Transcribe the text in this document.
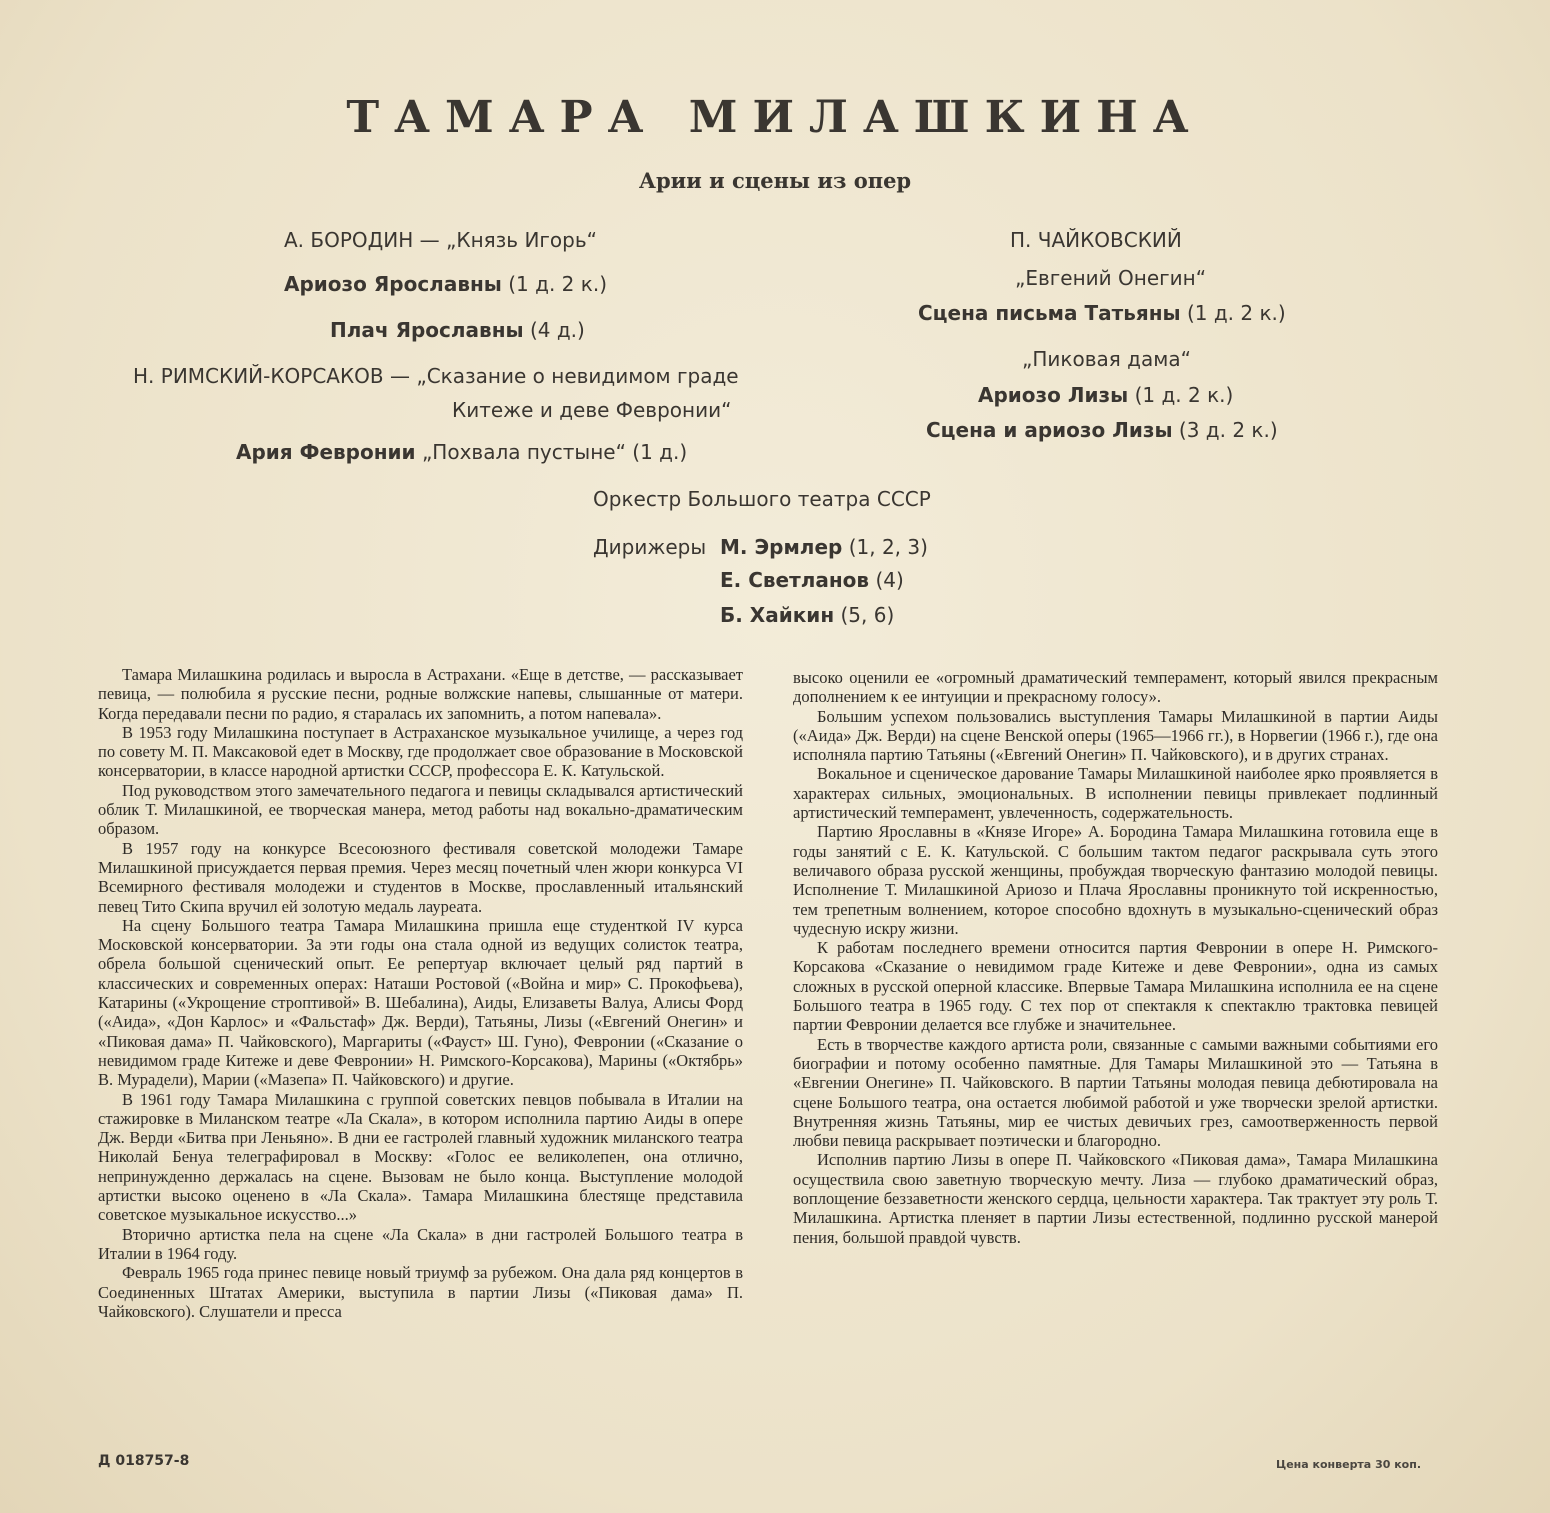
ТАМАРА МИЛАШКИНА
Арии и сцены из опер
А. БОРОДИН — „Князь Игорь“
Ариозо Ярославны (1 д. 2 к.)
Плач Ярославны (4 д.)
Н. РИМСКИЙ-КОРСАКОВ — „Сказание о невидимом граде
Китеже и деве Февронии“
Ария Февронии „Похвала пустыне“ (1 д.)
П. ЧАЙКОВСКИЙ
„Евгений Онегин“
Сцена письма Татьяны (1 д. 2 к.)
„Пиковая дама“
Ариозо Лизы (1 д. 2 к.)
Сцена и ариозо Лизы (3 д. 2 к.)
Оркестр Большого театра СССР
Дирижеры М. Эрмлер (1, 2, 3)
Е. Светланов (4)
Б. Хайкин (5, 6)

Тамара Милашкина родилась и выросла в Астрахани. «Еще в детстве, — рассказывает певица, — полюбила я русские песни, родные волжские напевы, слышанные от матери. Когда передавали песни по радио, я старалась их запомнить, а потом напевала».

В 1953 году Милашкина поступает в Астраханское музыкальное училище, а через год по совету М. П. Максаковой едет в Москву, где продолжает свое образование в Московской консерватории, в классе народной артистки СССР, профессора Е. К. Катульской.

Под руководством этого замечательного педагога и певицы складывался артистический облик Т. Милашкиной, ее творческая манера, метод работы над вокально-драматическим образом.

В 1957 году на конкурсе Всесоюзного фестиваля советской молодежи Тамаре Милашкиной присуждается первая премия. Через месяц почетный член жюри конкурса VI Всемирного фестиваля молодежи и студентов в Москве, прославленный итальянский певец Тито Скипа вручил ей золотую медаль лауреата.

На сцену Большого театра Тамара Милашкина пришла еще студенткой IV курса Московской консерватории. За эти годы она стала одной из ведущих солисток театра, обрела большой сценический опыт. Ее репертуар включает целый ряд партий в классических и современных операх: Наташи Ростовой («Война и мир» С. Прокофьева), Катарины («Укрощение строптивой» В. Шебалина), Аиды, Елизаветы Валуа, Алисы Форд («Аида», «Дон Карлос» и «Фальстаф» Дж. Верди), Татьяны, Лизы («Евгений Онегин» и «Пиковая дама» П. Чайковского), Маргариты («Фауст» Ш. Гуно), Февронии («Сказание о невидимом граде Китеже и деве Февронии» Н. Римского-Корсакова), Марины («Октябрь» В. Мурадели), Марии («Мазепа» П. Чайковского) и другие.

В 1961 году Тамара Милашкина с группой советских певцов побывала в Италии на стажировке в Миланском театре «Ла Скала», в котором исполнила партию Аиды в опере Дж. Верди «Битва при Леньяно». В дни ее гастролей главный художник миланского театра Николай Бенуа телеграфировал в Москву: «Голос ее великолепен, она отлично, непринужденно держалась на сцене. Вызовам не было конца. Выступление молодой артистки высоко оценено в «Ла Скала». Тамара Милашкина блестяще представила советское музыкальное искусство...»

Вторично артистка пела на сцене «Ла Скала» в дни гастролей Большого театра в Италии в 1964 году.

Февраль 1965 года принес певице новый триумф за рубежом. Она дала ряд концертов в Соединенных Штатах Америки, выступила в партии Лизы («Пиковая дама» П. Чайковского). Слушатели и пресса

высоко оценили ее «огромный драматический темперамент, который явился прекрасным дополнением к ее интуиции и прекрасному голосу».

Большим успехом пользовались выступления Тамары Милашкиной в партии Аиды («Аида» Дж. Верди) на сцене Венской оперы (1965—1966 гг.), в Норвегии (1966 г.), где она исполняла партию Татьяны («Евгений Онегин» П. Чайковского), и в других странах.

Вокальное и сценическое дарование Тамары Милашкиной наиболее ярко проявляется в характерах сильных, эмоциональных. В исполнении певицы привлекает подлинный артистический темперамент, увлеченность, содержательность.

Партию Ярославны в «Князе Игоре» А. Бородина Тамара Милашкина готовила еще в годы занятий с Е. К. Катульской. С большим тактом педагог раскрывала суть этого величавого образа русской женщины, пробуждая творческую фантазию молодой певицы. Исполнение Т. Милашкиной Ариозо и Плача Ярославны проникнуто той искренностью, тем трепетным волнением, которое способно вдохнуть в музыкально-сценический образ чудесную искру жизни.

К работам последнего времени относится партия Февронии в опере Н. Римского-Корсакова «Сказание о невидимом граде Китеже и деве Февронии», одна из самых сложных в русской оперной классике. Впервые Тамара Милашкина исполнила ее на сцене Большого театра в 1965 году. С тех пор от спектакля к спектаклю трактовка певицей партии Февронии делается все глубже и значительнее.

Есть в творчестве каждого артиста роли, связанные с самыми важными событиями его биографии и потому особенно памятные. Для Тамары Милашкиной это — Татьяна в «Евгении Онегине» П. Чайковского. В партии Татьяны молодая певица дебютировала на сцене Большого театра, она остается любимой работой и уже творчески зрелой артистки. Внутренняя жизнь Татьяны, мир ее чистых девичьих грез, самоотверженность первой любви певица раскрывает поэтически и благородно.

Исполнив партию Лизы в опере П. Чайковского «Пиковая дама», Тамара Милашкина осуществила свою заветную творческую мечту. Лиза — глубоко драматический образ, воплощение беззаветности женского сердца, цельности характера. Так трактует эту роль Т. Милашкина. Артистка пленяет в партии Лизы естественной, подлинно русской манерой пения, большой правдой чувств.

Д 018757-8	Цена конверта 30 коп.
